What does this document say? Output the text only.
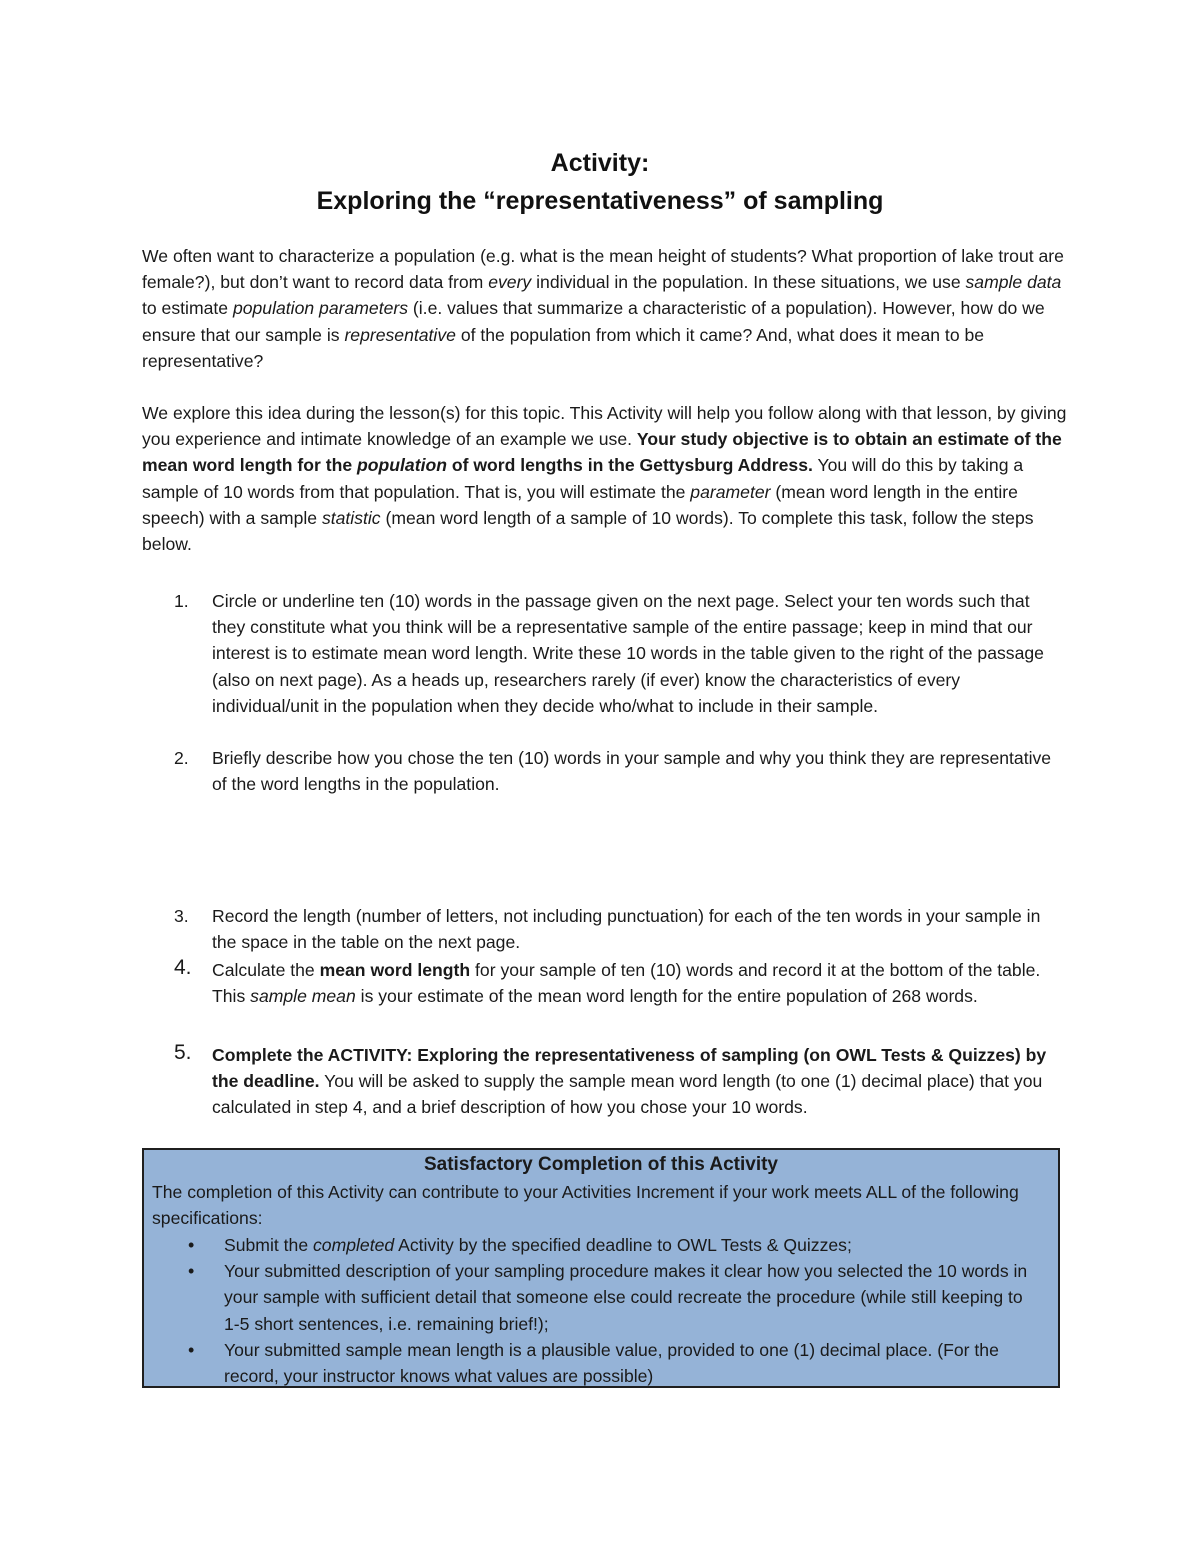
Activity:
Exploring the “representativeness” of sampling
We often want to characterize a population (e.g. what is the mean height of students? What proportion of lake trout are female?), but don’t want to record data from every individual in the population. In these situations, we use sample data to estimate population parameters (i.e. values that summarize a characteristic of a population). However, how do we ensure that our sample is representative of the population from which it came? And, what does it mean to be representative?
We explore this idea during the lesson(s) for this topic. This Activity will help you follow along with that lesson, by giving you experience and intimate knowledge of an example we use. Your study objective is to obtain an estimate of the mean word length for the population of word lengths in the Gettysburg Address. You will do this by taking a sample of 10 words from that population. That is, you will estimate the parameter (mean word length in the entire speech) with a sample statistic (mean word length of a sample of 10 words). To complete this task, follow the steps below.
1.	Circle or underline ten (10) words in the passage given on the next page. Select your ten words such that they constitute what you think will be a representative sample of the entire passage; keep in mind that our interest is to estimate mean word length. Write these 10 words in the table given to the right of the passage (also on next page). As a heads up, researchers rarely (if ever) know the characteristics of every individual/unit in the population when they decide who/what to include in their sample.
2.	Briefly describe how you chose the ten (10) words in your sample and why you think they are representative of the word lengths in the population.
3.	Record the length (number of letters, not including punctuation) for each of the ten words in your sample in the space in the table on the next page.
4.	Calculate the mean word length for your sample of ten (10) words and record it at the bottom of the table. This sample mean is your estimate of the mean word length for the entire population of 268 words.
5.	Complete the ACTIVITY: Exploring the representativeness of sampling (on OWL Tests & Quizzes) by the deadline. You will be asked to supply the sample mean word length (to one (1) decimal place) that you calculated in step 4, and a brief description of how you chose your 10 words.
Satisfactory Completion of this Activity
The completion of this Activity can contribute to your Activities Increment if your work meets ALL of the following specifications:
• Submit the completed Activity by the specified deadline to OWL Tests & Quizzes;
• Your submitted description of your sampling procedure makes it clear how you selected the 10 words in your sample with sufficient detail that someone else could recreate the procedure (while still keeping to 1-5 short sentences, i.e. remaining brief!);
• Your submitted sample mean length is a plausible value, provided to one (1) decimal place. (For the record, your instructor knows what values are possible)
